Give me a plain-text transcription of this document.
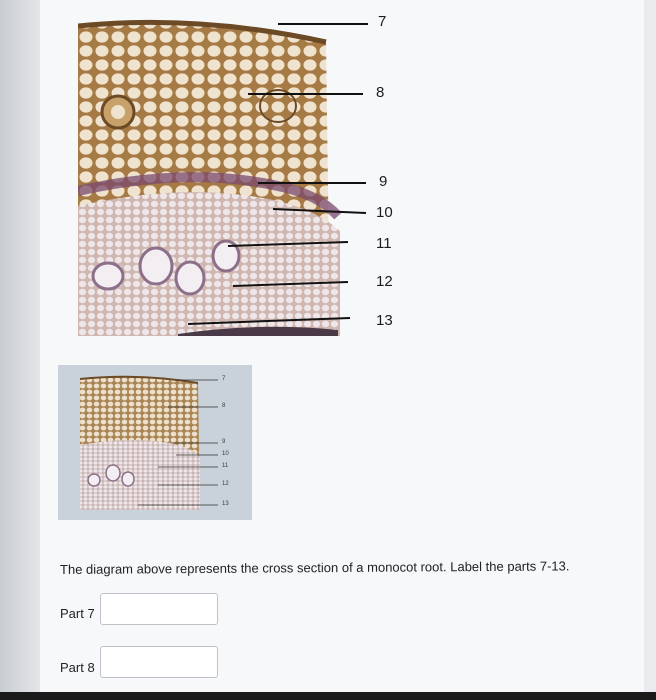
7
8
9
10
11
12
13
7
8
9
10
11
12
13
The diagram above represents the cross section of a monocot root. Label the parts 7-13.
Part 7
Part 8
